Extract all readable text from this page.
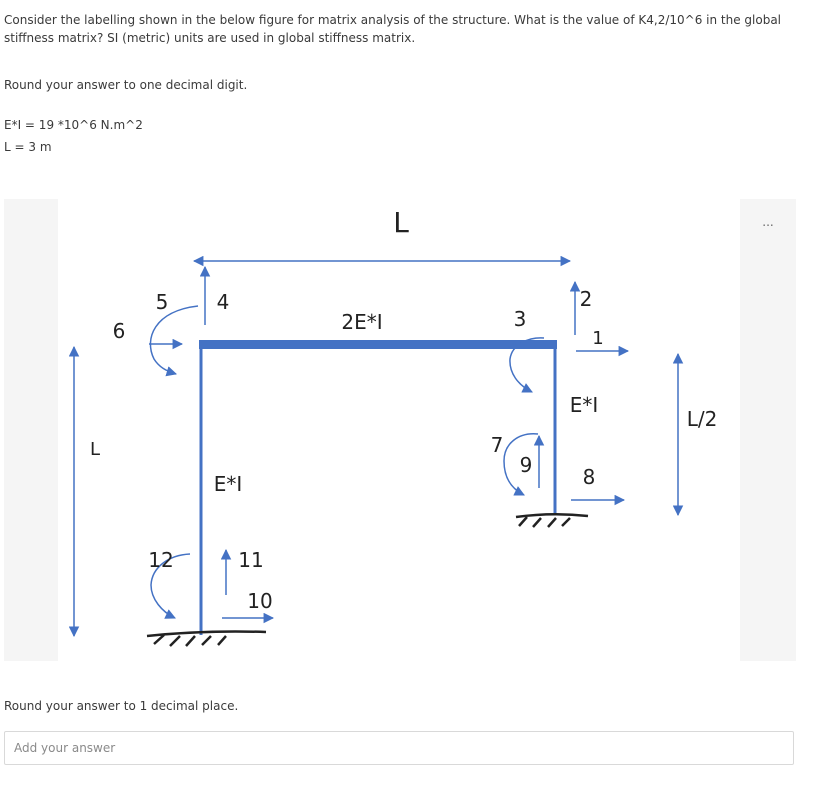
Consider the labelling shown in the below figure for matrix analysis of the structure. What is the value of K4,2/10^6 in the global stiffness matrix? SI (metric) units are used in global stiffness matrix.
Round your answer to one decimal digit.
E*I = 19 *10^6 N.m^2
L = 3 m
...
L
2E*I
E*I
E*I
L
L/2
4
6
5
1
2
3
8
9
7
10
11
12
Round your answer to 1 decimal place.
Add your answer
